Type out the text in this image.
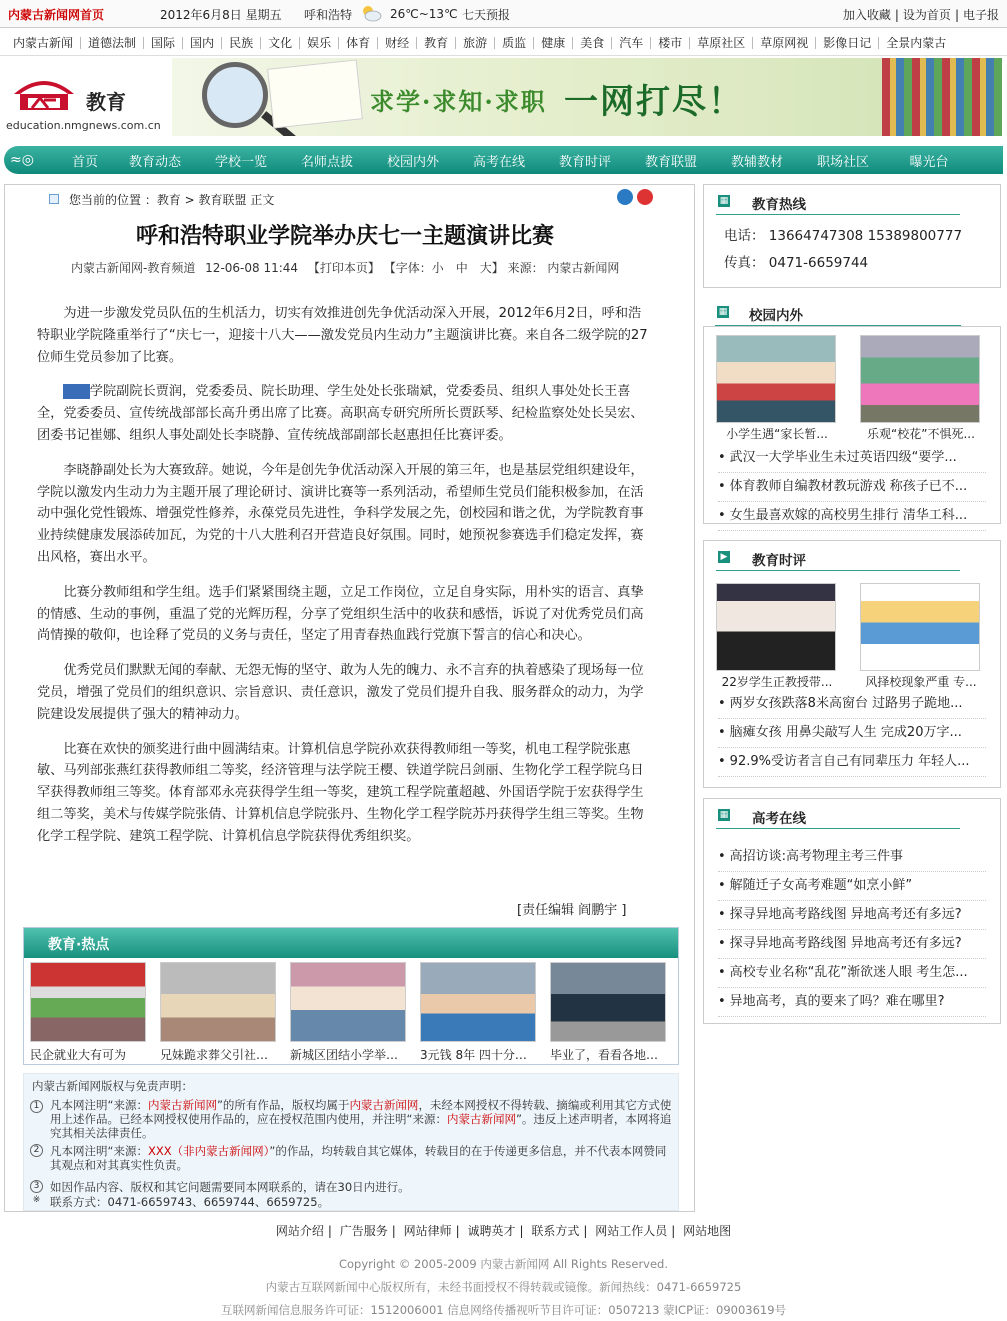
内蒙古新闻网首页	2012年6月8日 星期五 呼和浩特	26℃~13℃ 七天预报	加入收藏 | 设为首页 | 电子报
内蒙古新闻	道德法制	国际	国内	民族	文化	娱乐	体育	财经	教育	旅游	质监	健康	美食	汽车	楼市	草原社区	草原网视	影像日记	全景内蒙古
教育
education.nmgnews.com.cn
求学·求知·求职 一网打尽！
≈◎	首页	教育动态	学校一览	名师点拔	校园内外	高考在线	教育时评	教育联盟	教辅教材	职场社区	曝光台
您当前的位置 ：教育 > 教育联盟 正文
呼和浩特职业学院举办庆七一主题演讲比赛
内蒙古新闻网-教育频道 12-06-08 11:44 【打印本页】 【字体：小　中　大】 来源： 内蒙古新闻网

为进一步激发党员队伍的生机活力，切实有效推进创先争优活动深入开展，2012年6月2日，呼和浩特职业学院隆重举行了“庆七一，迎接十八大——激发党员内生动力”主题演讲比赛。来自各二级学院的27位师生党员参加了比赛。

　　学院副院长贾润，党委委员、院长助理、学生处处长张瑞斌，党委委员、组织人事处处长王喜全，党委委员、宣传统战部部长高升勇出席了比赛。高职高专研究所所长贾跃琴、纪检监察处处长吴宏、团委书记崔娜、组织人事处副处长李晓静、宣传统战部副部长赵惠担任比赛评委。

李晓静副处长为大赛致辞。她说，今年是创先争优活动深入开展的第三年，也是基层党组织建设年，学院以激发内生动力为主题开展了理论研讨、演讲比赛等一系列活动，希望师生党员们能积极参加，在活动中强化党性锻炼、增强党性修养，永葆党员先进性，争科学发展之先，创校园和谐之优，为学院教育事业持续健康发展添砖加瓦，为党的十八大胜利召开营造良好氛围。同时，她预祝参赛选手们稳定发挥，赛出风格，赛出水平。

比赛分教师组和学生组。选手们紧紧围绕主题，立足工作岗位，立足自身实际，用朴实的语言、真挚的情感、生动的事例，重温了党的光辉历程，分享了党组织生活中的收获和感悟，诉说了对优秀党员们高尚情操的敬仰，也诠释了党员的义务与责任，坚定了用青春热血践行党旗下誓言的信心和决心。

优秀党员们默默无闻的奉献、无怨无悔的坚守、敢为人先的魄力、永不言弃的执着感染了现场每一位党员，增强了党员们的组织意识、宗旨意识、责任意识，激发了党员们提升自我、服务群众的动力，为学院建设发展提供了强大的精神动力。

比赛在欢快的颁奖进行曲中圆满结束。计算机信息学院孙欢获得教师组一等奖，机电工程学院张惠敏、马列部张燕红获得教师组二等奖，经济管理与法学院王樱、铁道学院吕剑丽、生物化学工程学院乌日罕获得教师组三等奖。体育部邓永亮获得学生组一等奖，建筑工程学院董超越、外国语学院于宏获得学生组二等奖，美术与传媒学院张倩、计算机信息学院张丹、生物化学工程学院苏丹获得学生组三等奖。生物化学工程学院、建筑工程学院、计算机信息学院获得优秀组织奖。

[责任编辑 阎鹏宇 ]
教育·热点
民企就业大有可为	兄妹跪求葬父引社…	新城区团结小学举…	3元钱 8年 四十分…	毕业了，看看各地…
内蒙古新闻网版权与免责声明：
1 凡本网注明“来源：内蒙古新闻网”的所有作品，版权均属于内蒙古新闻网，未经本网授权不得转载、摘编或利用其它方式使用上述作品。已经本网授权使用作品的，应在授权范围内使用，并注明“来源：内蒙古新闻网”。违反上述声明者，本网将追究其相关法律责任。
2 凡本网注明“来源：XXX（非内蒙古新闻网）”的作品，均转载自其它媒体，转载目的在于传递更多信息，并不代表本网赞同其观点和对其真实性负责。
3 如因作品内容、版权和其它问题需要同本网联系的，请在30日内进行。
※ 联系方式：0471-6659743、6659744、6659725。
▦ 教育热线
电话： 13664747308 15389800777
传真： 0471-6659744
▦ 校园内外
小学生遇“家长暂...	乐观“校花”不惧死...
• 武汉一大学毕业生未过英语四级“要学...
• 体育教师自编教材教玩游戏 称孩子已不...
• 女生最喜欢嫁的高校男生排行 清华工科...
▶ 教育时评
22岁学生正教授带...	风择校现象严重 专...
• 两岁女孩跌落8米高窗台 过路男子跪地...
• 脑瘫女孩 用鼻尖敲写人生 完成20万字...
• 92.9%受访者言自己有同辈压力 年轻人...
▦ 高考在线
• 高招访谈:高考物理主考三件事
• 解随迁子女高考难题“如烹小鲜”
• 探寻异地高考路线图 异地高考还有多远?
• 探寻异地高考路线图 异地高考还有多远?
• 高校专业名称“乱花”渐欲迷人眼 考生怎...
• 异地高考，真的要来了吗？难在哪里?
网站介绍 | 广告服务 | 网站律师 | 诚聘英才 | 联系方式 | 网站工作人员 | 网站地图
Copyright © 2005-2009 内蒙古新闻网 All Rights Reserved.
内蒙古互联网新闻中心版权所有，未经书面授权不得转载或镜像。新闻热线：0471-6659725
互联网新闻信息服务许可证：1512006001 信息网络传播视听节目许可证：0507213 蒙ICP证：09003619号
